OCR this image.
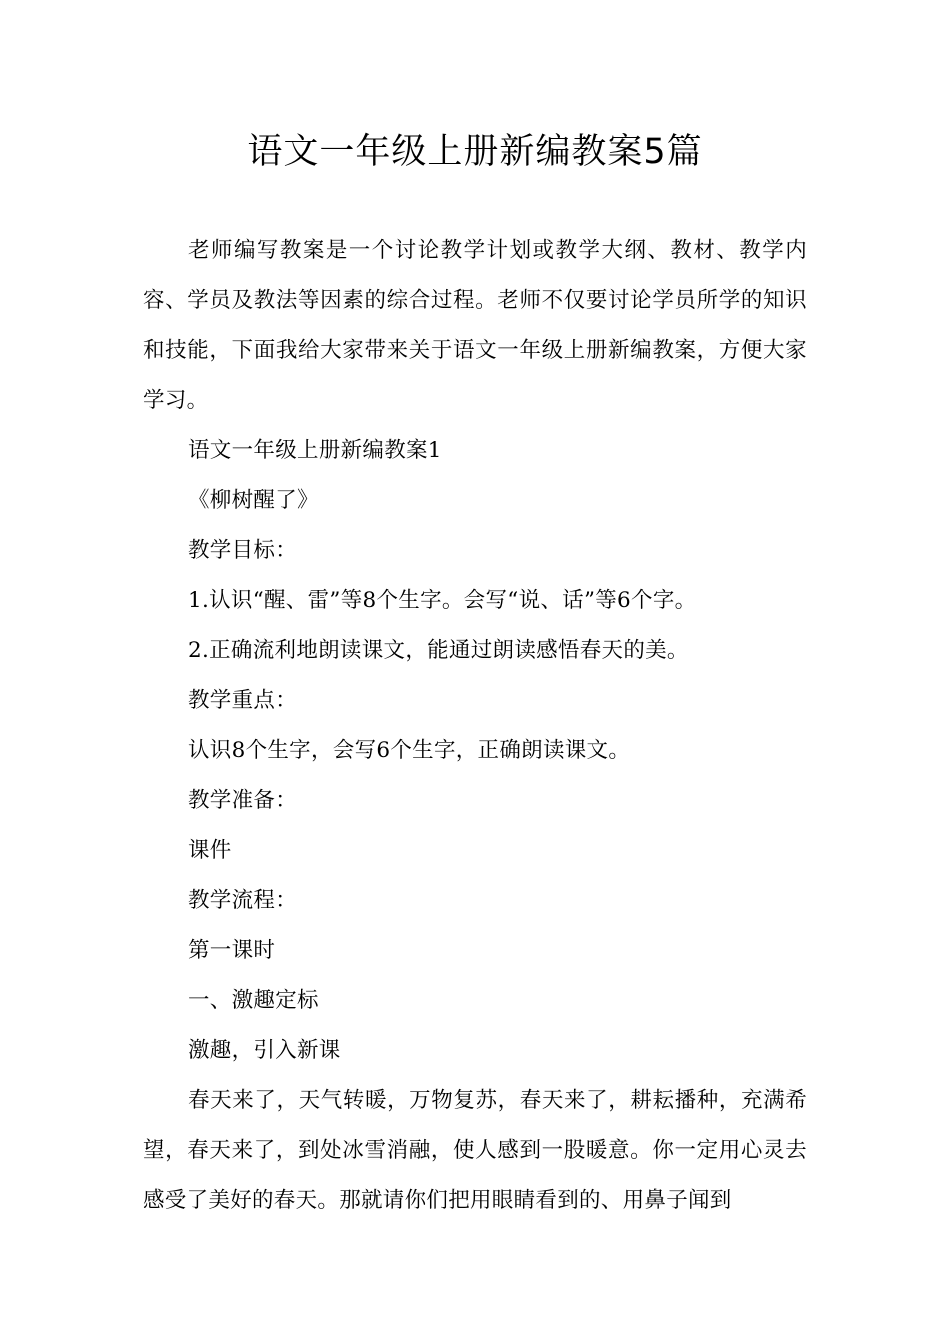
语文一年级上册新编教案5篇

老师编写教案是一个讨论教学计划或教学大纲、教材、教学内容、学员及教法等因素的综合过程。老师不仅要讨论学员所学的知识和技能，下面我给大家带来关于语文一年级上册新编教案，方便大家学习。

语文一年级上册新编教案1

《柳树醒了》

教学目标：

1.认识“醒、雷”等8个生字。会写“说、话”等6个字。

2.正确流利地朗读课文，能通过朗读感悟春天的美。

教学重点：

认识8个生字，会写6个生字，正确朗读课文。

教学准备：

课件

教学流程：

第一课时

一、激趣定标

激趣，引入新课

春天来了，天气转暖，万物复苏，春天来了，耕耘播种，充满希望，春天来了，到处冰雪消融，使人感到一股暖意。你一定用心灵去感受了美好的春天。那就请你们把用眼睛看到的、用鼻子闻到
